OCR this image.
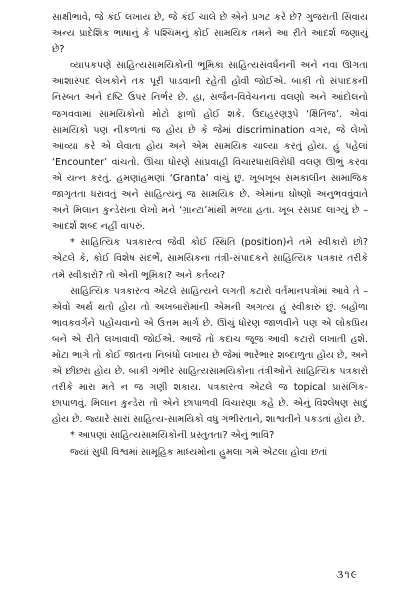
સાક્ષીભાવે, જે કંઈ લખાય છે, જે કંઈ ચાલે છે એને પ્રગટ કરે છે? ગુજરાતી સિવાય અન્ય પ્રાદેશિક ભાષાનું કે પશ્ચિમનું કોઈ સામયિક તમને આ રીતે આદર્શ જણાયું છે?

વ્યાપકપણે સાહિત્યસામયિકોની ભૂમિકા સાહિત્યસંવર્ધનની અને નવા ઊગતા આશાસ્પદ લેખકોને તક પૂરી પાડવાની રહેતી હોવી જોઈએ. બાકી તો સંપાદકની નિસ્બત અને દષ્ટિ ઉપર નિર્ભર છે. હા, સર્જન-વિવેચનના વલણો અને આંદોલનો જગવવામાં સામયિકોનો મોટો ફાળો હોઈ શકે. ઉદાહરણરૂપે ‘ક્ષિતિજ’. એવાં સામયિકો પણ નીકળતાં જ હોય છે કે જેમાં discrimination વગર, જે લેખો આવ્યા કરે એ લેવાતા હોય અને એમ સામયિક ચાલ્યા કરતું હોય. હું પહેલાં ‘Encounter’ વાંચતો. ઊંચા ધોરણે સાંપ્રવાહી વિચારધારાવિરોધી વલણ ઊભું કરવા એ યત્ન કરતું. હમણાંહમણાં ‘Granta’ વાંચું છું. ખૂબખૂબ સમકાલીન સામાજિક જાગૃતતા ધરાવતું અને સાહિત્યનું જ સામયિક છે. એમાંના ઘોષ્ણો અનુભવવુંવાતે અને મિલાન કુન્ડેરાના લેખો મને ‘ગ્રાન્ટા’માંથી મળ્યા હતા. ખૂબ રસપ્રદ લાગ્યું છે – આદર્શ શબ્દ નહીં વાપરું.

* સાહિત્યિક પત્રકારત્વ જેવી કોઈ સ્થિતિ (position)ને તમે સ્વીકારો છો? એટલે કે, કોઈ વિશેષ સંદર્ભે, સામયિકના તંત્રી-સંપાદકને સાહિત્યિક પત્રકાર તરીકે તમે સ્વીકારો? તો એની ભૂમિકા? અને કર્તવ્ય?

સાહિત્યિક પત્રકારત્વ એટલે સાહિત્યને લગતી કટારો વર્તમાનપત્રોમાં આવે તે – એવો અર્થ થતો હોય તો અખબારોમાંની એમની અગત્ય હું સ્વીકારું છું. બહોળા ભાવકવર્ગને પહોંચવાનો એ ઉત્તમ માર્ગ છે. ઊંચું ધોરણ જાળવીને પણ એ લોકપ્રિય બને એ રીતે લખાવાવી જોઈએ. આજે તો કદાચ જૂજ આવી કટારો લખાતી હશે. મોટા ભાગે તો કોઈ જાતના નિબંધો લખાય છે જેમાં ભારેભાર શબ્દાળુતા હોય છે, અને એ છીછરા હોય છે. બાકી ગંભીર સાહિત્યસામયિકોના તંત્રીઓને સાહિત્યિક પત્રકારો તરીકે મારા મતે ન જ ગણી શકાય. પત્રકારત્વ એટલે જ topical પ્રાસંગિક-છાપાળવું. મિલાન કુન્ડેરા તો એને છાપાળવી વિચારણા કહે છે. એનું વિશ્લેષણ સાદું હોય છે. જ્યારે સારાં સાહિત્ય-સામયિકો વધુ ગંભીરતાને, શાશ્વતીને પકડતાં હોય છે.

* આપણાં સાહિત્યસામયિકોની પ્રસ્તુતતા? એનું ભાવિ?

જ્યાં સુધી વિશ્વમાં સામૂહિક માધ્યમોના હુમલા ગમે એટલા હોવા છતાં

૩૧૯
